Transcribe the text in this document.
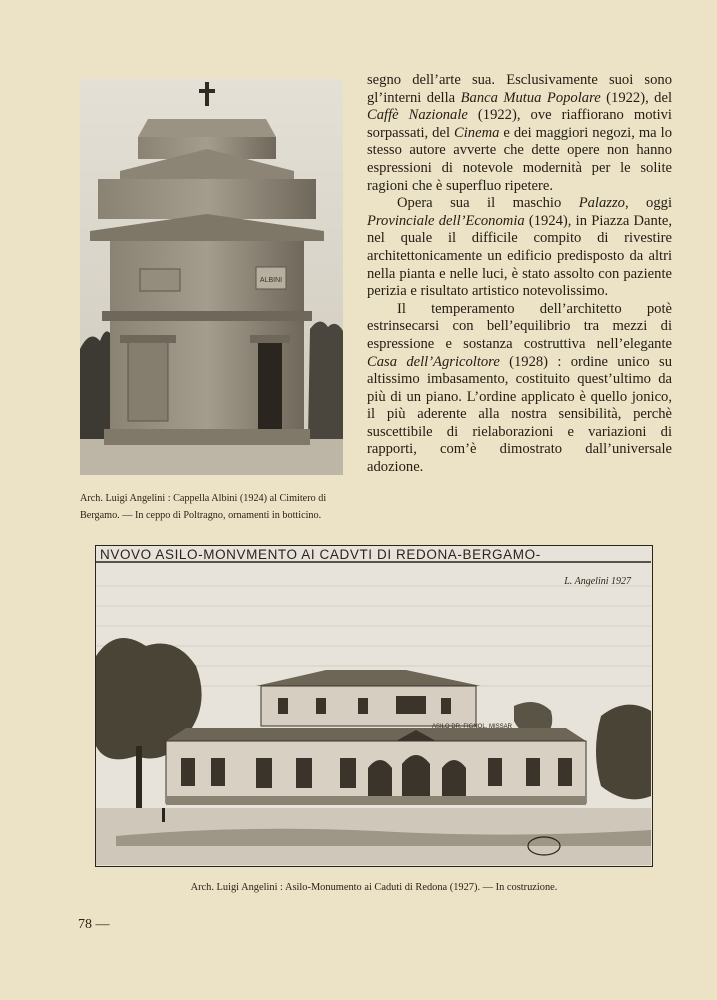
ALBINI

Arch. Luigi Angelini : Cappella Albini (1924) al Cimitero di

Bergamo. — In ceppo di Poltragno, ornamenti in botticino.

segno dell’arte sua. Esclusivamente suoi sono gl’interni della Banca Mutua Popolare (1922), del Caffè Nazionale (1922), ove riaffiorano motivi sorpassati, del Cinema e dei maggiori negozi, ma lo stesso autore avverte che dette opere non hanno espressioni di notevole modernità per le solite ragioni che è superfluo ripetere.

Opera sua il maschio Palazzo, oggi Provinciale dell’Economia (1924), in Piazza Dante, nel quale il difficile compito di rivestire architettonicamente un edificio predisposto da altri nella pianta e nelle luci, è stato assolto con paziente perizia e risultato artistico notevolissimo.

Il temperamento dell’architetto potè estrinsecarsi con bell’equilibrio tra mezzi di espressione e sostanza costruttiva nell’elegante Casa dell’Agricoltore (1928) : ordine unico su altissimo imbasamento, costituito quest’ultimo da più di un piano. L’ordine applicato è quello jonico, il più aderente alla nostra sensibilità, perchè suscettibile di rielaborazioni e variazioni di rapporti, com’è dimostrato dall’universale adozione.

NVOVO ASILO-MONVMENTO AI CADVTI DI REDONA-BERGAMO-
L. Angelini 1927
ASILO DR. FIGNOL. MISSAR
Arch. Luigi Angelini : Asilo-Monumento ai Caduti di Redona (1927). — In costruzione.
78 —
